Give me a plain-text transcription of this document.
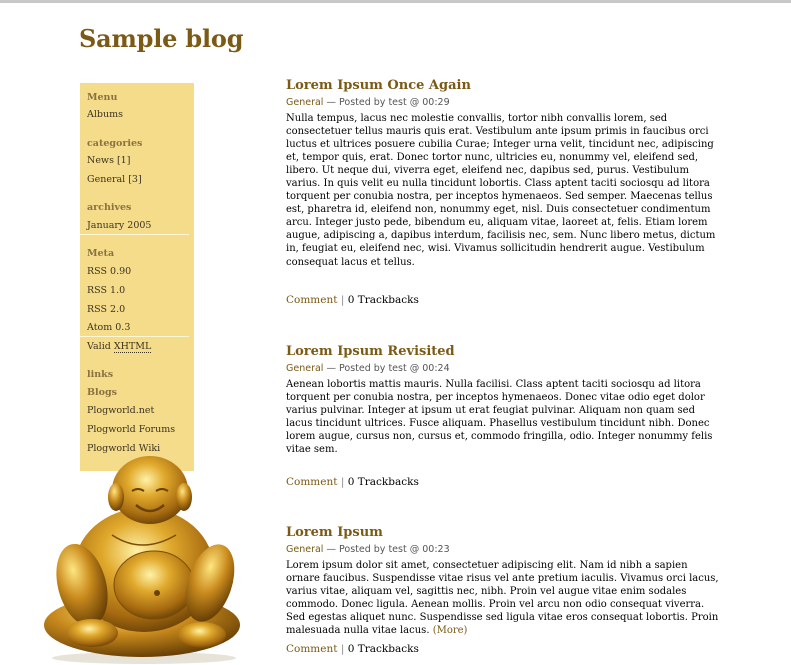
Sample blog
Menu
Albums
categories
News [1]
General [3]
archives
January 2005
Meta
RSS 0.90
RSS 1.0
RSS 2.0
Atom 0.3
Valid XHTML
links
Blogs
Plogworld.net
Plogworld Forums
Plogworld Wiki
Lorem Ipsum Once Again
General — Posted by test @ 00:29

Nulla tempus, lacus nec molestie convallis, tortor nibh convallis lorem, sed consectetuer tellus mauris quis erat. Vestibulum ante ipsum primis in faucibus orci luctus et ultrices posuere cubilia Curae; Integer urna velit, tincidunt nec, adipiscing et, tempor quis, erat. Donec tortor nunc, ultricies eu, nonummy vel, eleifend sed, libero. Ut neque dui, viverra eget, eleifend nec, dapibus sed, purus. Vestibulum varius. In quis velit eu nulla tincidunt lobortis. Class aptent taciti sociosqu ad litora torquent per conubia nostra, per inceptos hymenaeos. Sed semper. Maecenas tellus est, pharetra id, eleifend non, nonummy eget, nisl. Duis consectetuer condimentum arcu. Integer justo pede, bibendum eu, aliquam vitae, laoreet at, felis. Etiam lorem augue, adipiscing a, dapibus interdum, facilisis nec, sem. Nunc libero metus, dictum in, feugiat eu, eleifend nec, wisi. Vivamus sollicitudin hendrerit augue. Vestibulum consequat lacus et tellus.

Comment | 0 Trackbacks
Lorem Ipsum Revisited
General — Posted by test @ 00:24

Aenean lobortis mattis mauris. Nulla facilisi. Class aptent taciti sociosqu ad litora torquent per conubia nostra, per inceptos hymenaeos. Donec vitae odio eget dolor varius pulvinar. Integer at ipsum ut erat feugiat pulvinar. Aliquam non quam sed lacus tincidunt ultrices. Fusce aliquam. Phasellus vestibulum tincidunt nibh. Donec lorem augue, cursus non, cursus et, commodo fringilla, odio. Integer nonummy felis vitae sem.

Comment | 0 Trackbacks
Lorem Ipsum
General — Posted by test @ 00:23

Lorem ipsum dolor sit amet, consectetuer adipiscing elit. Nam id nibh a sapien ornare faucibus. Suspendisse vitae risus vel ante pretium iaculis. Vivamus orci lacus, varius vitae, aliquam vel, sagittis nec, nibh. Proin vel augue vitae enim sodales commodo. Donec ligula. Aenean mollis. Proin vel arcu non odio consequat viverra. Sed egestas aliquet nunc. Suspendisse sed ligula vitae eros consequat lobortis. Proin malesuada nulla vitae lacus. (More)

Comment | 0 Trackbacks
